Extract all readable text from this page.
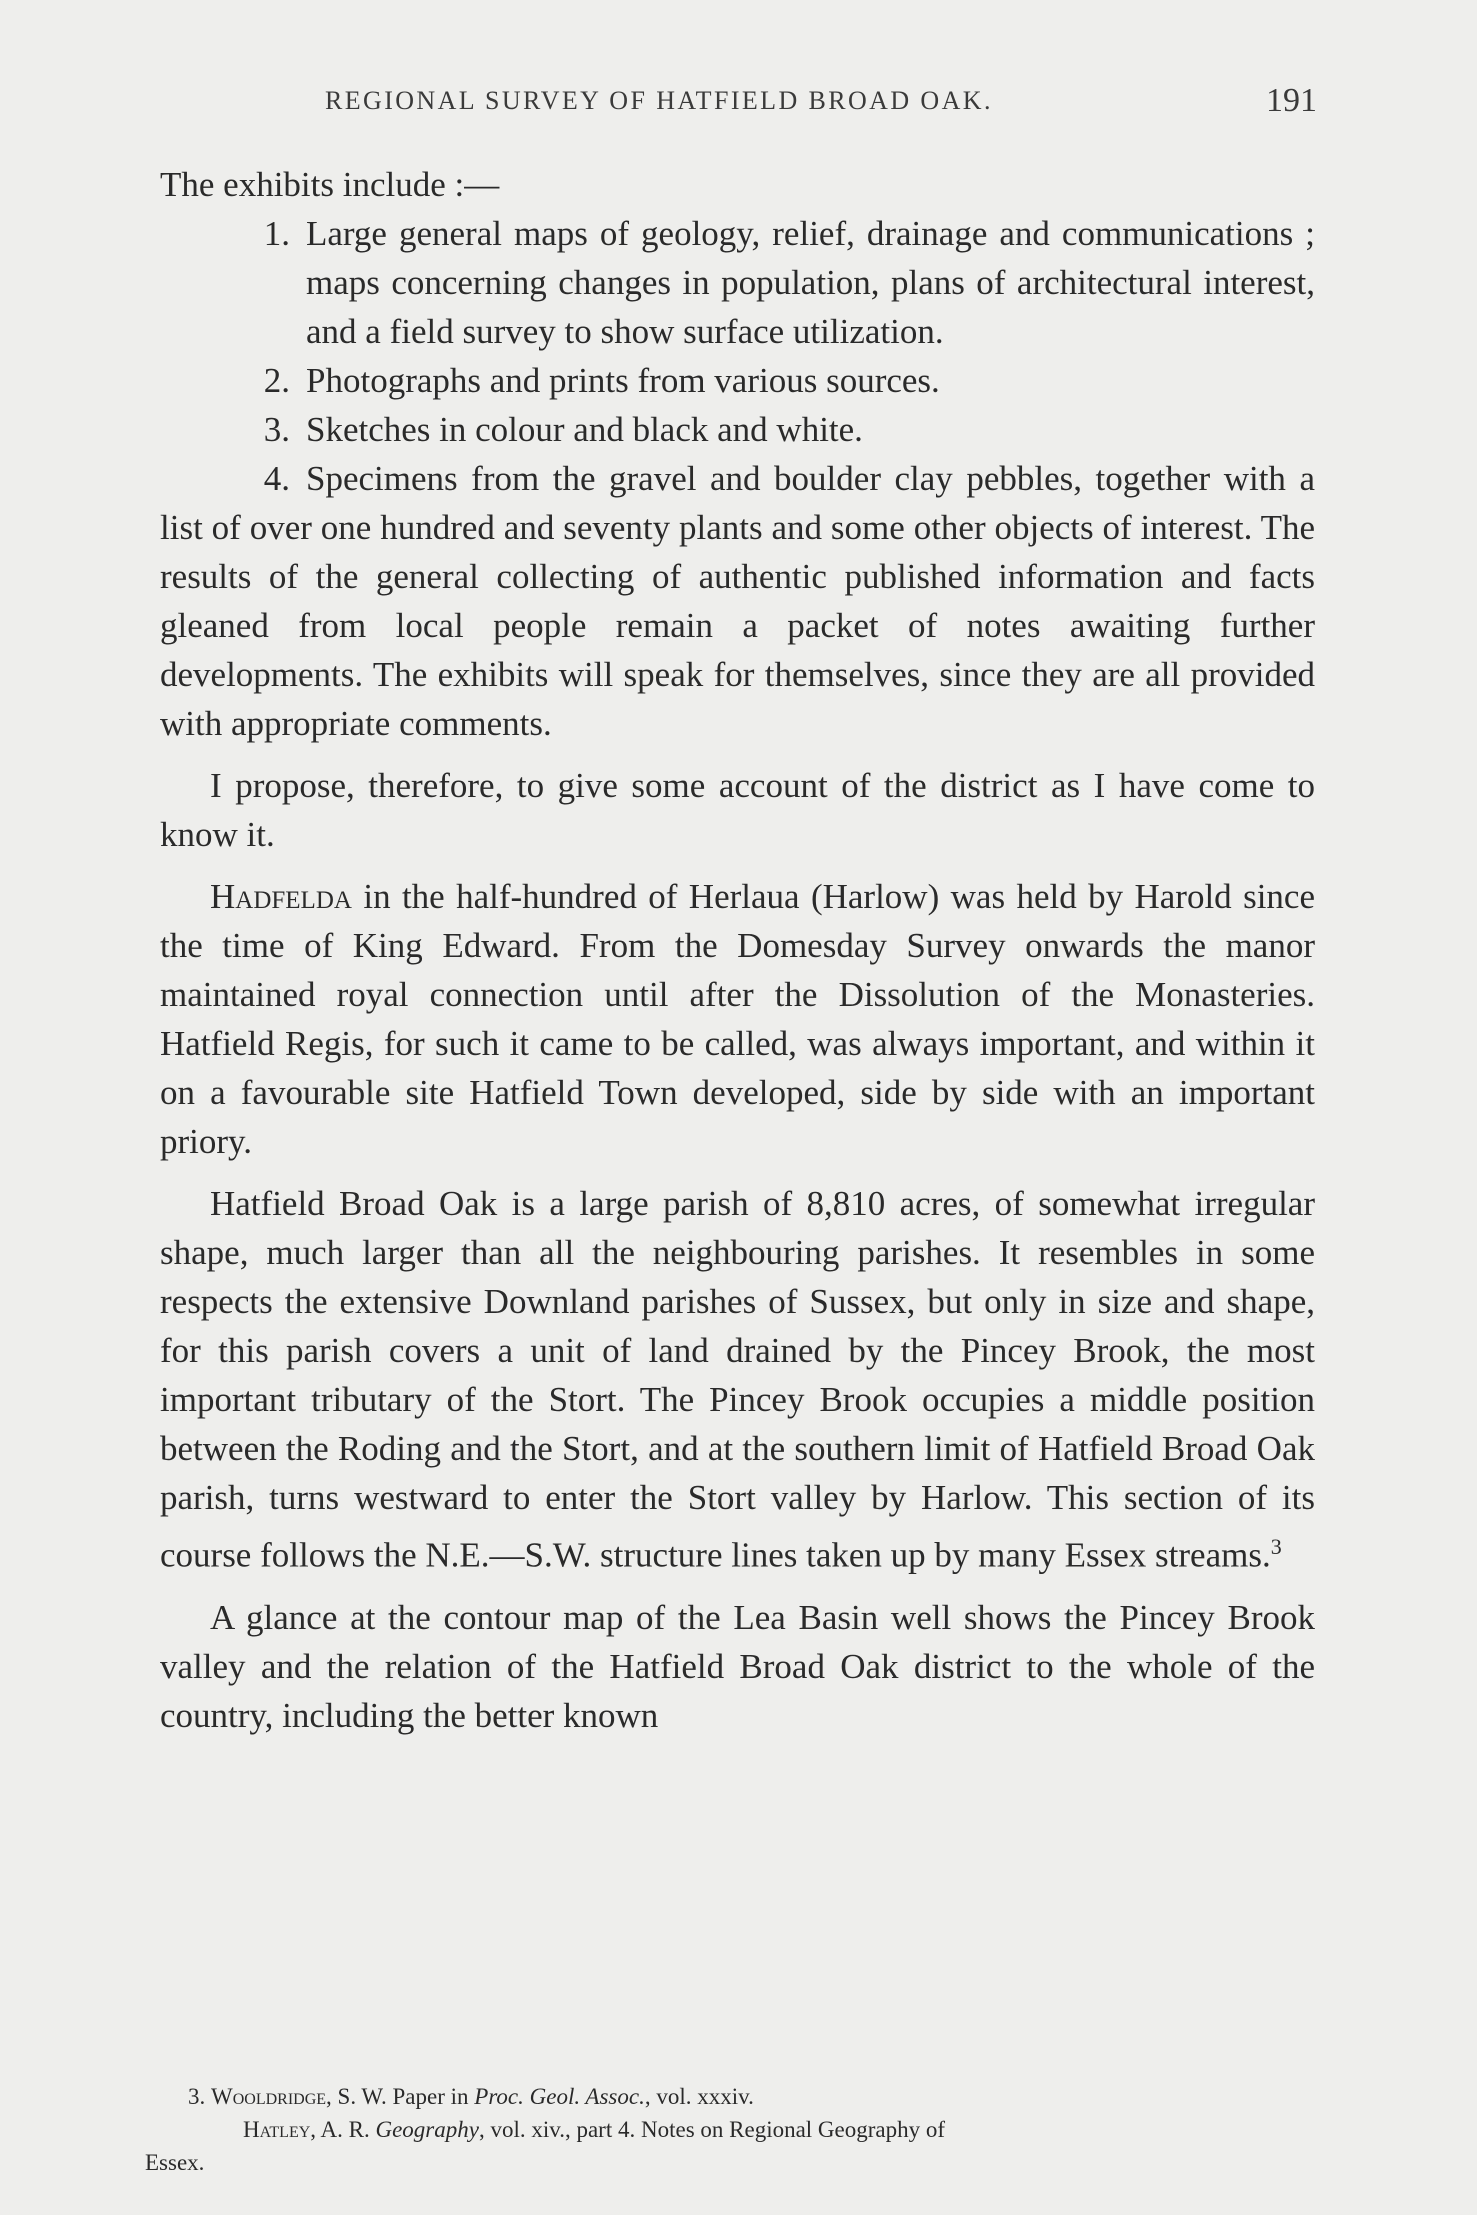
REGIONAL SURVEY OF HATFIELD BROAD OAK.	191

The exhibits include :—

1. Large general maps of geology, relief, drainage and communications ; maps concerning changes in population, plans of architectural interest, and a field survey to show surface utilization.
2. Photographs and prints from various sources.
3. Sketches in colour and black and white.

4. Specimens from the gravel and boulder clay pebbles, together with a list of over one hundred and seventy plants and some other objects of interest. The results of the general collecting of authentic published information and facts gleaned from local people remain a packet of notes awaiting further developments. The exhibits will speak for themselves, since they are all provided with appropriate comments.

I propose, therefore, to give some account of the district as I have come to know it.

Hadfelda in the half-hundred of Herlaua (Harlow) was held by Harold since the time of King Edward. From the Domesday Survey onwards the manor maintained royal connection until after the Dissolution of the Monasteries. Hatfield Regis, for such it came to be called, was always important, and within it on a favourable site Hatfield Town developed, side by side with an important priory.

Hatfield Broad Oak is a large parish of 8,810 acres, of somewhat irregular shape, much larger than all the neighbouring parishes. It resembles in some respects the extensive Downland parishes of Sussex, but only in size and shape, for this parish covers a unit of land drained by the Pincey Brook, the most important tributary of the Stort. The Pincey Brook occupies a middle position between the Roding and the Stort, and at the southern limit of Hatfield Broad Oak parish, turns westward to enter the Stort valley by Harlow. This section of its course follows the N.E.—S.W. structure lines taken up by many Essex streams.$^3$

A glance at the contour map of the Lea Basin well shows the Pincey Brook valley and the relation of the Hatfield Broad Oak district to the whole of the country, including the better known

3. Wooldridge, S. W. Paper in Proc. Geol. Assoc., vol. xxxiv.

Hatley, A. R. Geography, vol. xiv., part 4. Notes on Regional Geography of

Essex.
